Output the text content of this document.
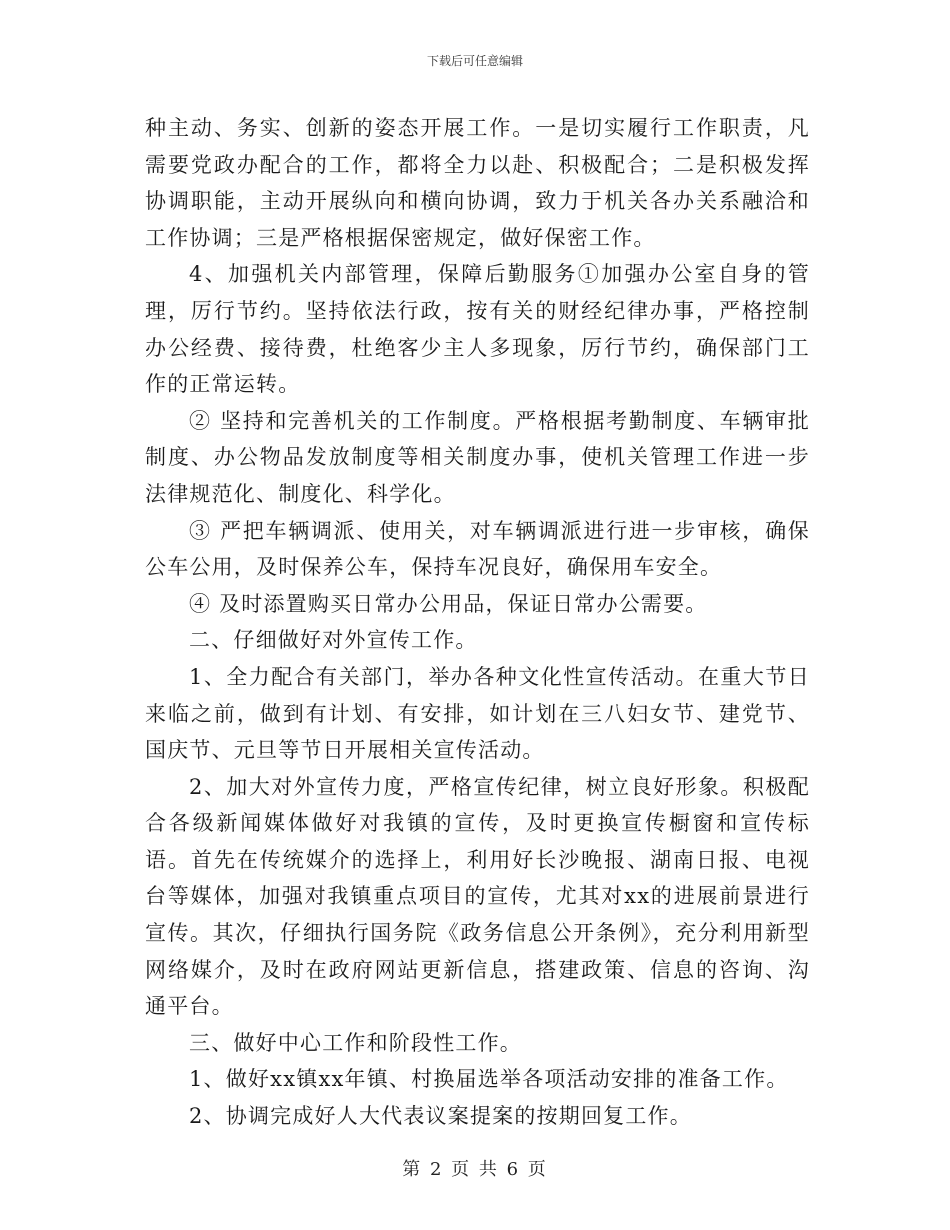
下载后可任意编辑

种主动、务实、创新的姿态开展工作。一是切实履行工作职责，凡需要党政办配合的工作，都将全力以赴、积极配合；二是积极发挥协调职能，主动开展纵向和横向协调，致力于机关各办关系融洽和工作协调；三是严格根据保密规定，做好保密工作。

4、加强机关内部管理，保障后勤服务①加强办公室自身的管理，厉行节约。坚持依法行政，按有关的财经纪律办事，严格控制办公经费、接待费，杜绝客少主人多现象，厉行节约，确保部门工作的正常运转。

② 坚持和完善机关的工作制度。严格根据考勤制度、车辆审批制度、办公物品发放制度等相关制度办事，使机关管理工作进一步法律规范化、制度化、科学化。

③ 严把车辆调派、使用关，对车辆调派进行进一步审核，确保公车公用，及时保养公车，保持车况良好，确保用车安全。

④ 及时添置购买日常办公用品，保证日常办公需要。

二、仔细做好对外宣传工作。

1、全力配合有关部门，举办各种文化性宣传活动。在重大节日来临之前，做到有计划、有安排，如计划在三八妇女节、建党节、国庆节、元旦等节日开展相关宣传活动。

2、加大对外宣传力度，严格宣传纪律，树立良好形象。积极配合各级新闻媒体做好对我镇的宣传，及时更换宣传橱窗和宣传标语。首先在传统媒介的选择上，利用好长沙晚报、湖南日报、电视台等媒体，加强对我镇重点项目的宣传，尤其对xx的进展前景进行宣传。其次，仔细执行国务院《政务信息公开条例》，充分利用新型网络媒介，及时在政府网站更新信息，搭建政策、信息的咨询、沟通平台。

三、做好中心工作和阶段性工作。

1、做好xx镇xx年镇、村换届选举各项活动安排的准备工作。

2、协调完成好人大代表议案提案的按期回复工作。

第 2 页 共 6 页
